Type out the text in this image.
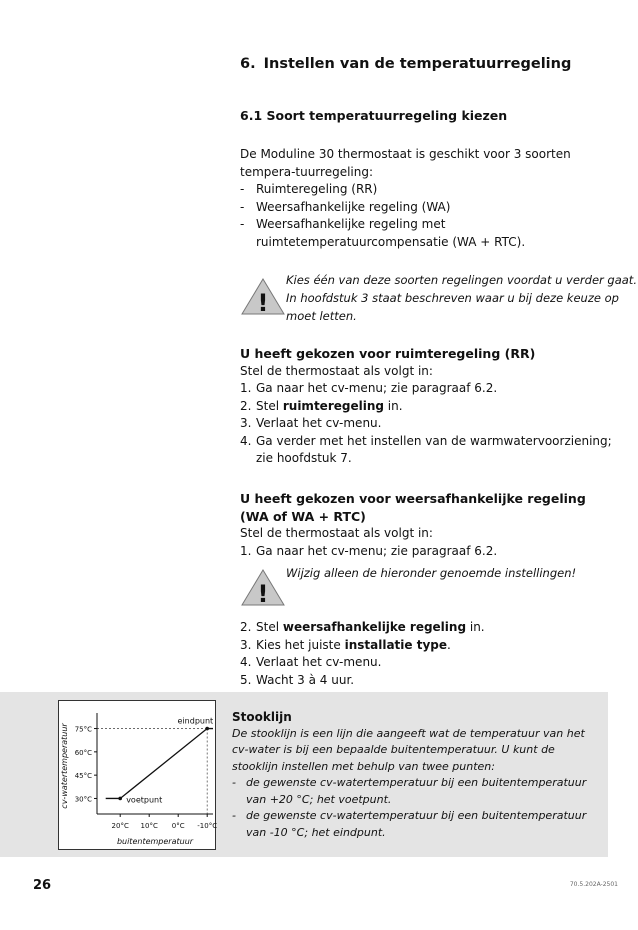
6. Instellen van de temperatuurregeling
6.1 Soort temperatuurregeling kiezen

De Moduline 30 thermostaat is geschikt voor 3 soorten tempera-tuurregeling:

- Ruimteregeling (RR)
- Weersafhankelijke regeling (WA)
- Weersafhankelijke regeling met ruimtetemperatuurcompensatie (WA + RTC).
!
Kies één van deze soorten regelingen voordat u verder gaat.
In hoofdstuk 3 staat beschreven waar u bij deze keuze op
moet letten.
U heeft gekozen voor ruimteregeling (RR)

Stel de thermostaat als volgt in:

1. Ga naar het cv-menu; zie paragraaf 6.2.
2. Stel ruimteregeling in.
3. Verlaat het cv-menu.
4. Ga verder met het instellen van de warmwatervoorziening; zie hoofdstuk 7.
U heeft gekozen voor weersafhankelijke regeling
(WA of WA + RTC)

Stel de thermostaat als volgt in:

1. Ga naar het cv-menu; zie paragraaf 6.2.
!
Wijzig alleen de hieronder genoemde instellingen!
2. Stel weersafhankelijke regeling in.
3. Kies het juiste installatie type.
4. Verlaat het cv-menu.
5. Wacht 3 à 4 uur.
30°C
45°C
60°C
75°C
20°C 10°C 0°C -10°C
voetpunt
eindpunt
cv-watertemperatuur
buitentemperatuur
Stooklijn

De stooklijn is een lijn die aangeeft wat de temperatuur van het cv-water is bij een bepaalde buitentemperatuur. U kunt de stooklijn instellen met behulp van twee punten:

- de gewenste cv-watertemperatuur bij een buitentemperatuur van +20 °C; het voetpunt.
- de gewenste cv-watertemperatuur bij een buitentemperatuur van -10 °C; het eindpunt.
26	70.5.202A-2501
